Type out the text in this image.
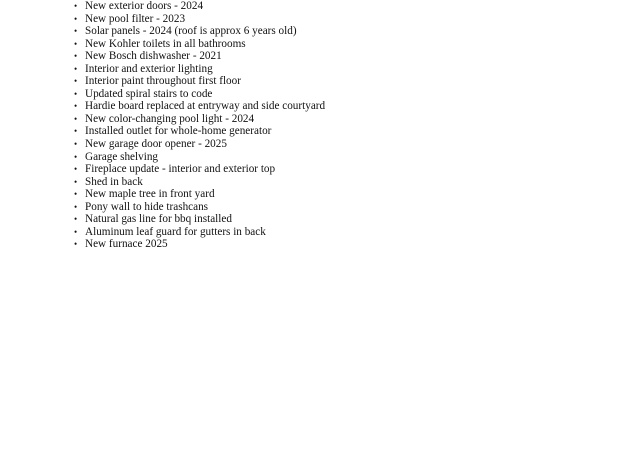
• New exterior doors - 2024
• New pool filter - 2023
• Solar panels - 2024 (roof is approx 6 years old)
• New Kohler toilets in all bathrooms
• New Bosch dishwasher - 2021
• Interior and exterior lighting
• Interior paint throughout first floor
• Updated spiral stairs to code
• Hardie board replaced at entryway and side courtyard
• New color-changing pool light - 2024
• Installed outlet for whole-home generator
• New garage door opener - 2025
• Garage shelving
• Fireplace update - interior and exterior top
• Shed in back
• New maple tree in front yard
• Pony wall to hide trashcans
• Natural gas line for bbq installed
• Aluminum leaf guard for gutters in back
• New furnace 2025
